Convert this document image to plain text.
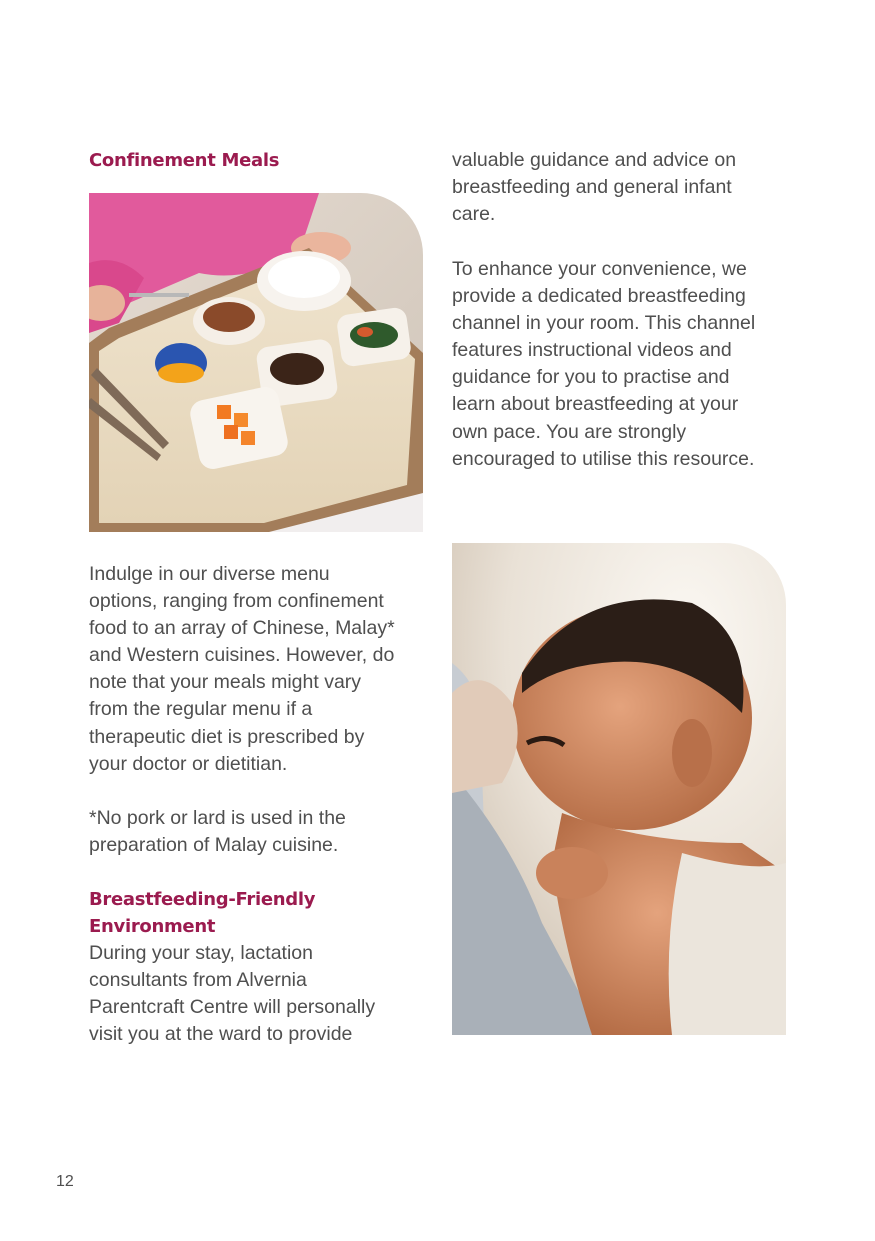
Confinement Meals

Indulge in our diverse menu
options, ranging from confinement
food to an array of Chinese, Malay*
and Western cuisines. However, do
note that your meals might vary
from the regular menu if a
therapeutic diet is prescribed by
your doctor or dietitian.

*No pork or lard is used in the
preparation of Malay cuisine.

Breastfeeding-Friendly
Environment

During your stay, lactation
consultants from Alvernia
Parentcraft Centre will personally
visit you at the ward to provide

valuable guidance and advice on
breastfeeding and general infant
care.

To enhance your convenience, we
provide a dedicated breastfeeding
channel in your room. This channel
features instructional videos and
guidance for you to practise and
learn about breastfeeding at your
own pace. You are strongly
encouraged to utilise this resource.

12
